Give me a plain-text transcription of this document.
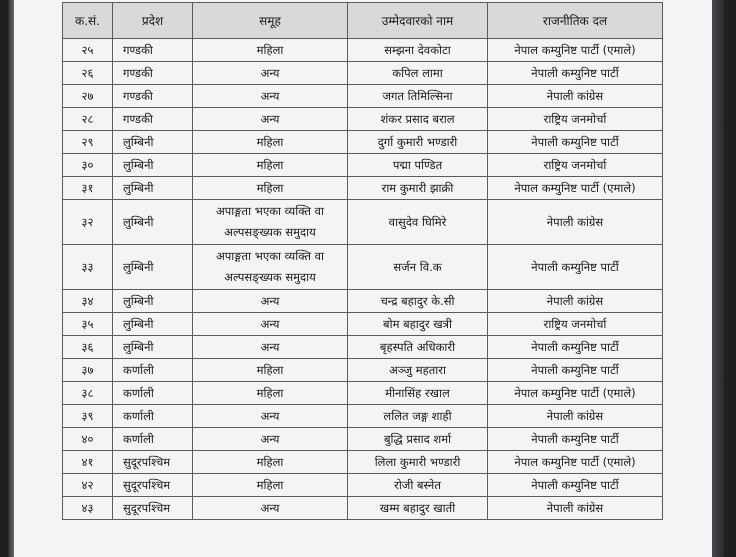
क.सं.	प्रदेश	समूह	उम्मेदवारको नाम	राजनीतिक दल
२५	गण्डकी	महिला	सम्झना देवकोटा	नेपाल कम्युनिष्ट पार्टी (एमाले)
२६	गण्डकी	अन्य	कपिल लामा	नेपाली कम्युनिष्ट पार्टी
२७	गण्डकी	अन्य	जगत तिमिल्सिना	नेपाली कांग्रेस
२८	गण्डकी	अन्य	शंकर प्रसाद बराल	राष्ट्रिय जनमोर्चा
२९	लुम्बिनी	महिला	दुर्गा कुमारी भण्डारी	नेपाली कम्युनिष्ट पार्टी
३०	लुम्बिनी	महिला	पद्मा पण्डित	राष्ट्रिय जनमोर्चा
३१	लुम्बिनी	महिला	राम कुमारी झाक्री	नेपाल कम्युनिष्ट पार्टी (एमाले)
३२	लुम्बिनी	अपाङ्गता भएका व्यक्ति वा अल्पसङ्ख्यक समुदाय	वासुदेव घिमिरे	नेपाली कांग्रेस
३३	लुम्बिनी	अपाङ्गता भएका व्यक्ति वा अल्पसङ्ख्यक समुदाय	सर्जन वि.क	नेपाली कम्युनिष्ट पार्टी
३४	लुम्बिनी	अन्य	चन्द्र बहादुर के.सी	नेपाली कांग्रेस
३५	लुम्बिनी	अन्य	बोम बहादुर खत्री	राष्ट्रिय जनमोर्चा
३६	लुम्बिनी	अन्य	बृहस्पति अधिकारी	नेपाली कम्युनिष्ट पार्टी
३७	कर्णाली	महिला	अञ्जु महतारा	नेपाली कम्युनिष्ट पार्टी
३८	कर्णाली	महिला	मीनासिंह रखाल	नेपाल कम्युनिष्ट पार्टी (एमाले)
३९	कर्णाली	अन्य	ललित जङ्ग शाही	नेपाली कांग्रेस
४०	कर्णाली	अन्य	बुद्धि प्रसाद शर्मा	नेपाली कम्युनिष्ट पार्टी
४१	सुदूरपश्चिम	महिला	लिला कुमारी भण्डारी	नेपाल कम्युनिष्ट पार्टी (एमाले)
४२	सुदूरपश्चिम	महिला	रोजी बस्नेत	नेपाली कम्युनिष्ट पार्टी
४३	सुदूरपश्चिम	अन्य	खम्म बहादुर खाती	नेपाली कांग्रेस
